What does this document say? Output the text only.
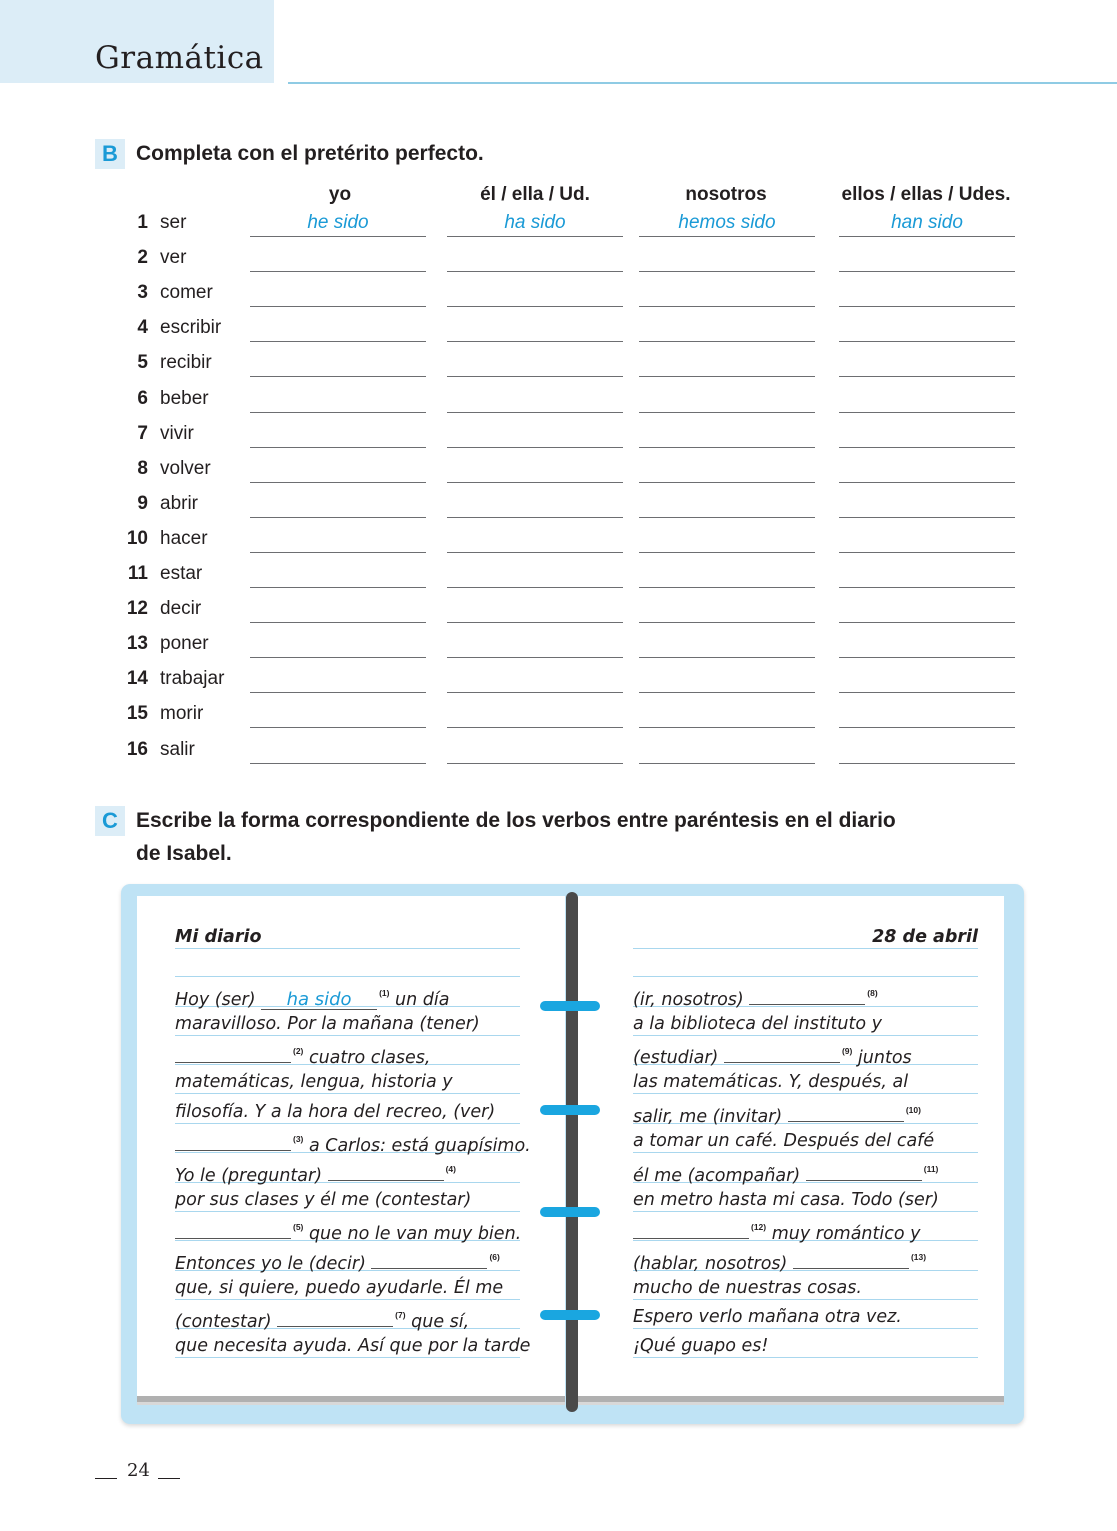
Gramática
B Completa con el pretérito perfecto.
yo	él / ella / Ud.	nosotros	ellos / ellas / Udes.
1 ser	he sido	ha sido	hemos sido	han sido
2 ver
3 comer
4 escribir
5 recibir
6 beber
7 vivir
8 volver
9 abrir
10 hacer
11 estar
12 decir
13 poner
14 trabajar
15 morir
16 salir
C Escribe la forma correspondiente de los verbos entre paréntesis en el diario
de Isabel.
Mi diario
Hoy (ser) ha sido	$^{(1)}$ un día
maravilloso. Por la mañana (tener)
$^{(2)}$ cuatro clases,
matemáticas, lengua, historia y
filosofía. Y a la hora del recreo, (ver)
$^{(3)}$ a Carlos: está guapísimo.
Yo le (preguntar)	$^{(4)}$
por sus clases y él me (contestar)
$^{(5)}$ que no le van muy bien.
Entonces yo le (decir)	$^{(6)}$
que, si quiere, puedo ayudarle. Él me
(contestar)	$^{(7)}$ que sí,
que necesita ayuda. Así que por la tarde
28 de abril
(ir, nosotros)	$^{(8)}$
a la biblioteca del instituto y
(estudiar)	$^{(9)}$ juntos
las matemáticas. Y, después, al
salir, me (invitar)	$^{(10)}$
a tomar un café. Después del café
él me (acompañar)	$^{(11)}$
en metro hasta mi casa. Todo (ser)
$^{(12)}$ muy romántico y
(hablar, nosotros)	$^{(13)}$
mucho de nuestras cosas.
Espero verlo mañana otra vez.
¡Qué guapo es!
24
